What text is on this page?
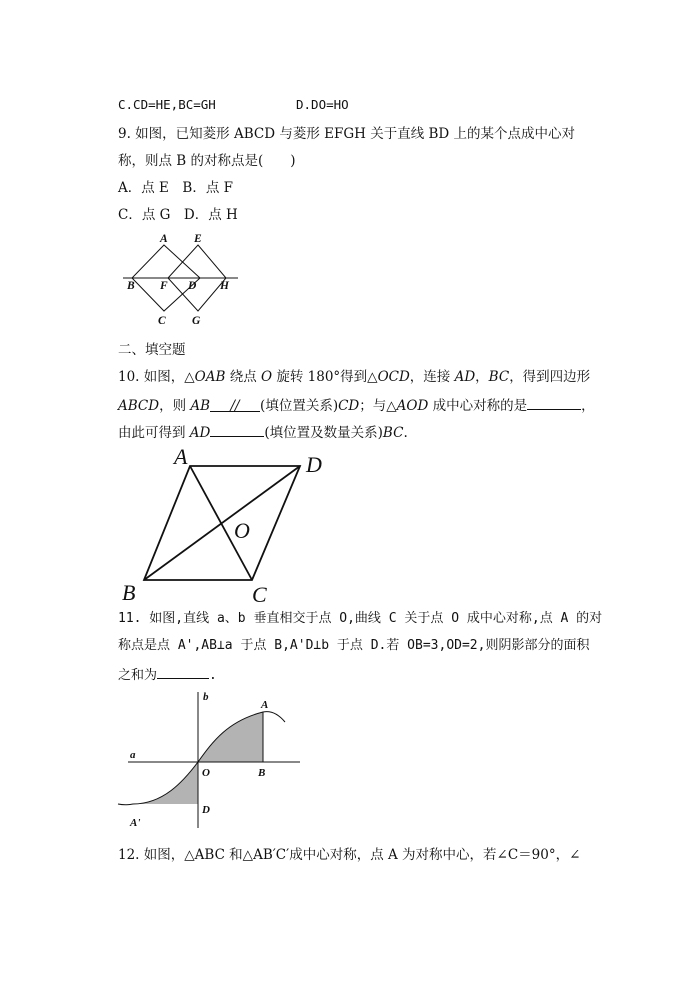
C.CD=HE,BC=GH	D.DO=HO
9. 如图，已知菱形 ABCD 与菱形 EFGH 关于直线 BD 上的某个点成中心对
称，则点 B 的对称点是(　　)
A．点 E　B．点 F
C．点 G　D．点 H
A E
B F D H
C G
二、填空题
10. 如图，△OAB 绕点 O 旋转 180°得到△OCD，连接 AD，BC，得到四边形
ABCD，则 AB // (填位置关系)CD；与△AOD 成中心对称的是	，
由此可得到 AD	(填位置及数量关系)BC.
A	D
O
B	C
11. 如图,直线 a、b 垂直相交于点 O,曲线 C 关于点 O 成中心对称,点 A 的对
称点是点 A',AB⊥a 于点 B,A'D⊥b 于点 D.若 OB=3,OD=2,则阴影部分的面积
之和为	.
b
A
a
O	B
D
A'
12. 如图，△ABC 和△AB′C′成中心对称，点 A 为对称中心，若∠C＝90°，∠
